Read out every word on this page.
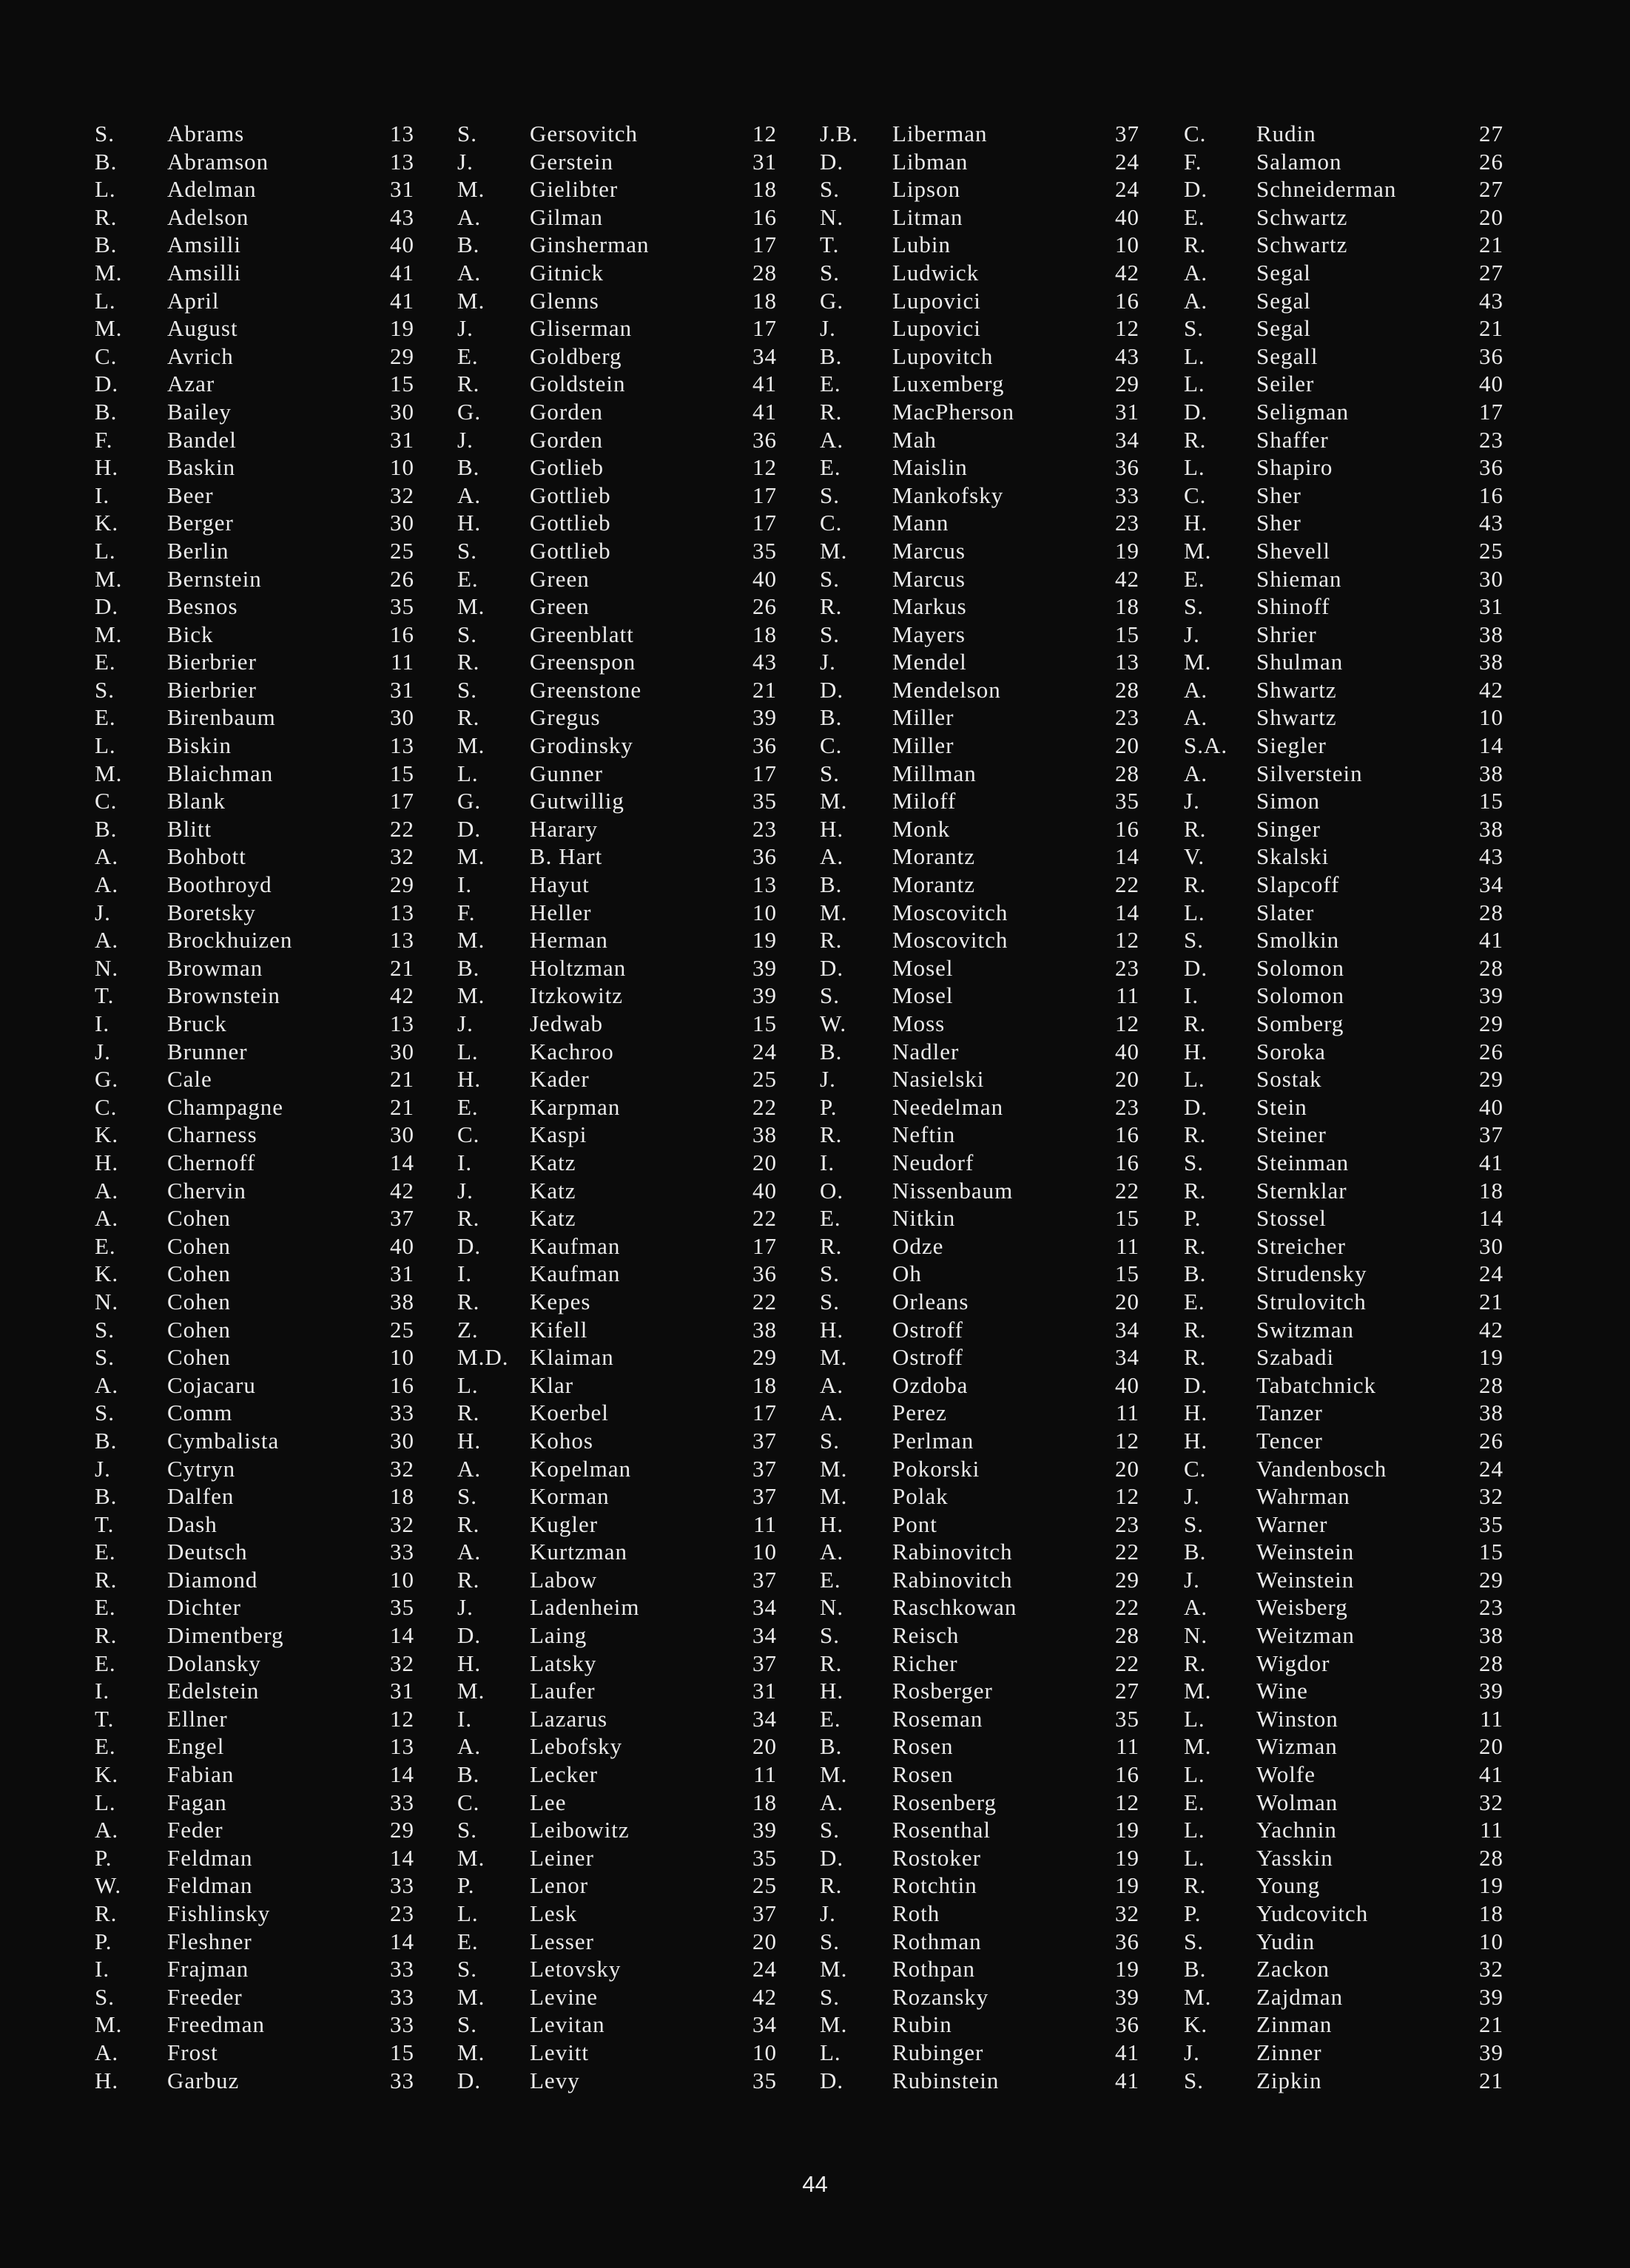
S.	Abrams	13
B.	Abramson	13
L.	Adelman	31
R.	Adelson	43
B.	Amsilli	40
M.	Amsilli	41
L.	April	41
M.	August	19
C.	Avrich	29
D.	Azar	15
B.	Bailey	30
F.	Bandel	31
H.	Baskin	10
I.	Beer	32
K.	Berger	30
L.	Berlin	25
M.	Bernstein	26
D.	Besnos	35
M.	Bick	16
E.	Bierbrier	11
S.	Bierbrier	31
E.	Birenbaum	30
L.	Biskin	13
M.	Blaichman	15
C.	Blank	17
B.	Blitt	22
A.	Bohbott	32
A.	Boothroyd	29
J.	Boretsky	13
A.	Brockhuizen	13
N.	Browman	21
T.	Brownstein	42
I.	Bruck	13
J.	Brunner	30
G.	Cale	21
C.	Champagne	21
K.	Charness	30
H.	Chernoff	14
A.	Chervin	42
A.	Cohen	37
E.	Cohen	40
K.	Cohen	31
N.	Cohen	38
S.	Cohen	25
S.	Cohen	10
A.	Cojacaru	16
S.	Comm	33
B.	Cymbalista	30
J.	Cytryn	32
B.	Dalfen	18
T.	Dash	32
E.	Deutsch	33
R.	Diamond	10
E.	Dichter	35
R.	Dimentberg	14
E.	Dolansky	32
I.	Edelstein	31
T.	Ellner	12
E.	Engel	13
K.	Fabian	14
L.	Fagan	33
A.	Feder	29
P.	Feldman	14
W.	Feldman	33
R.	Fishlinsky	23
P.	Fleshner	14
I.	Frajman	33
S.	Freeder	33
M.	Freedman	33
A.	Frost	15
H.	Garbuz	33
S.	Gersovitch	12
J.	Gerstein	31
M.	Gielibter	18
A.	Gilman	16
B.	Ginsherman	17
A.	Gitnick	28
M.	Glenns	18
J.	Gliserman	17
E.	Goldberg	34
R.	Goldstein	41
G.	Gorden	41
J.	Gorden	36
B.	Gotlieb	12
A.	Gottlieb	17
H.	Gottlieb	17
S.	Gottlieb	35
E.	Green	40
M.	Green	26
S.	Greenblatt	18
R.	Greenspon	43
S.	Greenstone	21
R.	Gregus	39
M.	Grodinsky	36
L.	Gunner	17
G.	Gutwillig	35
D.	Harary	23
M.	B. Hart	36
I.	Hayut	13
F.	Heller	10
M.	Herman	19
B.	Holtzman	39
M.	Itzkowitz	39
J.	Jedwab	15
L.	Kachroo	24
H.	Kader	25
E.	Karpman	22
C.	Kaspi	38
I.	Katz	20
J.	Katz	40
R.	Katz	22
D.	Kaufman	17
I.	Kaufman	36
R.	Kepes	22
Z.	Kifell	38
M.D. Klaiman	29
L.	Klar	18
R.	Koerbel	17
H.	Kohos	37
A.	Kopelman	37
S.	Korman	37
R.	Kugler	11
A.	Kurtzman	10
R.	Labow	37
J.	Ladenheim	34
D.	Laing	34
H.	Latsky	37
M.	Laufer	31
I.	Lazarus	34
A.	Lebofsky	20
B.	Lecker	11
C.	Lee	18
S.	Leibowitz	39
M.	Leiner	35
P.	Lenor	25
L.	Lesk	37
E.	Lesser	20
S.	Letovsky	24
M.	Levine	42
S.	Levitan	34
M.	Levitt	10
D.	Levy	35
J.B.	Liberman	37
D.	Libman	24
S.	Lipson	24
N.	Litman	40
T.	Lubin	10
S.	Ludwick	42
G.	Lupovici	16
J.	Lupovici	12
B.	Lupovitch	43
E.	Luxemberg	29
R.	MacPherson	31
A.	Mah	34
E.	Maislin	36
S.	Mankofsky	33
C.	Mann	23
M.	Marcus	19
S.	Marcus	42
R.	Markus	18
S.	Mayers	15
J.	Mendel	13
D.	Mendelson	28
B.	Miller	23
C.	Miller	20
S.	Millman	28
M.	Miloff	35
H.	Monk	16
A.	Morantz	14
B.	Morantz	22
M.	Moscovitch	14
R.	Moscovitch	12
D.	Mosel	23
S.	Mosel	11
W.	Moss	12
B.	Nadler	40
J.	Nasielski	20
P.	Needelman	23
R.	Neftin	16
I.	Neudorf	16
O.	Nissenbaum	22
E.	Nitkin	15
R.	Odze	11
S.	Oh	15
S.	Orleans	20
H.	Ostroff	34
M.	Ostroff	34
A.	Ozdoba	40
A.	Perez	11
S.	Perlman	12
M.	Pokorski	20
M.	Polak	12
H.	Pont	23
A.	Rabinovitch	22
E.	Rabinovitch	29
N.	Raschkowan	22
S.	Reisch	28
R.	Richer	22
H.	Rosberger	27
E.	Roseman	35
B.	Rosen	11
M.	Rosen	16
A.	Rosenberg	12
S.	Rosenthal	19
D.	Rostoker	19
R.	Rotchtin	19
J.	Roth	32
S.	Rothman	36
M.	Rothpan	19
S.	Rozansky	39
M.	Rubin	36
L.	Rubinger	41
D.	Rubinstein	41
C.	Rudin	27
F.	Salamon	26
D.	Schneiderman	27
E.	Schwartz	20
R.	Schwartz	21
A.	Segal	27
A.	Segal	43
S.	Segal	21
L.	Segall	36
L.	Seiler	40
D.	Seligman	17
R.	Shaffer	23
L.	Shapiro	36
C.	Sher	16
H.	Sher	43
M.	Shevell	25
E.	Shieman	30
S.	Shinoff	31
J.	Shrier	38
M.	Shulman	38
A.	Shwartz	42
A.	Shwartz	10
S.A.	Siegler	14
A.	Silverstein	38
J.	Simon	15
R.	Singer	38
V.	Skalski	43
R.	Slapcoff	34
L.	Slater	28
S.	Smolkin	41
D.	Solomon	28
I.	Solomon	39
R.	Somberg	29
H.	Soroka	26
L.	Sostak	29
D.	Stein	40
R.	Steiner	37
S.	Steinman	41
R.	Sternklar	18
P.	Stossel	14
R.	Streicher	30
B.	Strudensky	24
E.	Strulovitch	21
R.	Switzman	42
R.	Szabadi	19
D.	Tabatchnick	28
H.	Tanzer	38
H.	Tencer	26
C.	Vandenbosch	24
J.	Wahrman	32
S.	Warner	35
B.	Weinstein	15
J.	Weinstein	29
A.	Weisberg	23
N.	Weitzman	38
R.	Wigdor	28
M.	Wine	39
L.	Winston	11
M.	Wizman	20
L.	Wolfe	41
E.	Wolman	32
L.	Yachnin	11
L.	Yasskin	28
R.	Young	19
P.	Yudcovitch	18
S.	Yudin	10
B.	Zackon	32
M.	Zajdman	39
K.	Zinman	21
J.	Zinner	39
S.	Zipkin	21
44
